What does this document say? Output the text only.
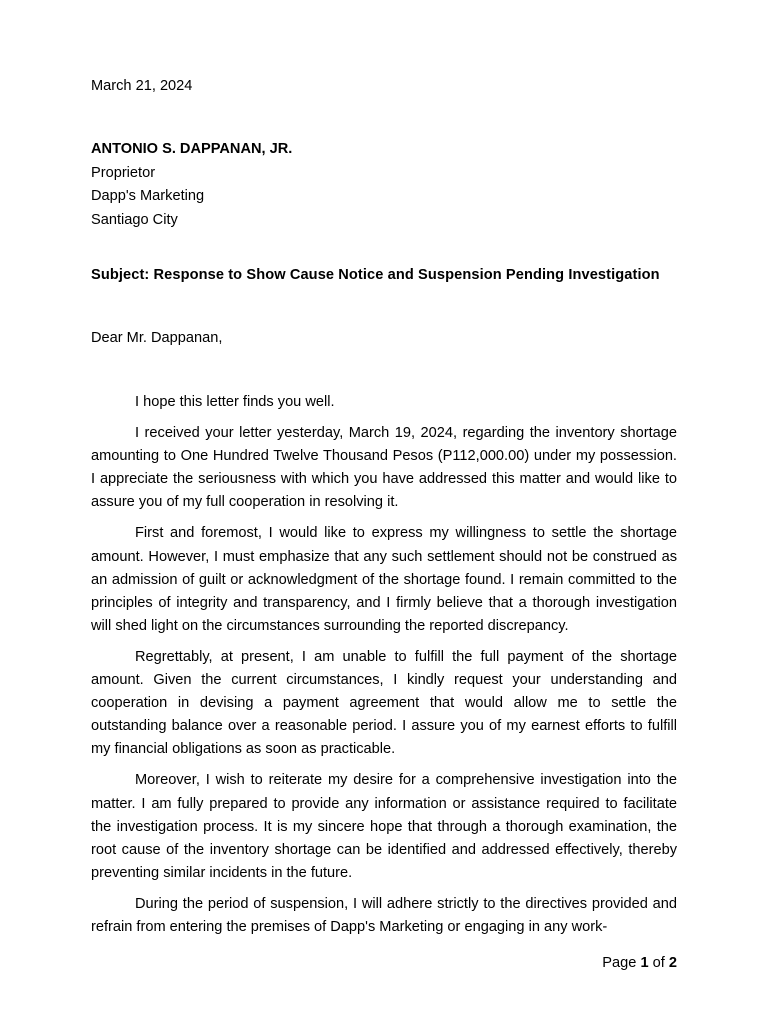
March 21, 2024
ANTONIO S. DAPPANAN, JR.
Proprietor
Dapp's Marketing
Santiago City
Subject: Response to Show Cause Notice and Suspension Pending Investigation
Dear Mr. Dappanan,

I hope this letter finds you well.

I received your letter yesterday, March 19, 2024, regarding the inventory shortage amounting to One Hundred Twelve Thousand Pesos (P112,000.00) under my possession. I appreciate the seriousness with which you have addressed this matter and would like to assure you of my full cooperation in resolving it.

First and foremost, I would like to express my willingness to settle the shortage amount. However, I must emphasize that any such settlement should not be construed as an admission of guilt or acknowledgment of the shortage found. I remain committed to the principles of integrity and transparency, and I firmly believe that a thorough investigation will shed light on the circumstances surrounding the reported discrepancy.

Regrettably, at present, I am unable to fulfill the full payment of the shortage amount. Given the current circumstances, I kindly request your understanding and cooperation in devising a payment agreement that would allow me to settle the outstanding balance over a reasonable period. I assure you of my earnest efforts to fulfill my financial obligations as soon as practicable.

Moreover, I wish to reiterate my desire for a comprehensive investigation into the matter. I am fully prepared to provide any information or assistance required to facilitate the investigation process. It is my sincere hope that through a thorough examination, the root cause of the inventory shortage can be identified and addressed effectively, thereby preventing similar incidents in the future.

During the period of suspension, I will adhere strictly to the directives provided and refrain from entering the premises of Dapp's Marketing or engaging in any work-

Page 1 of 2
